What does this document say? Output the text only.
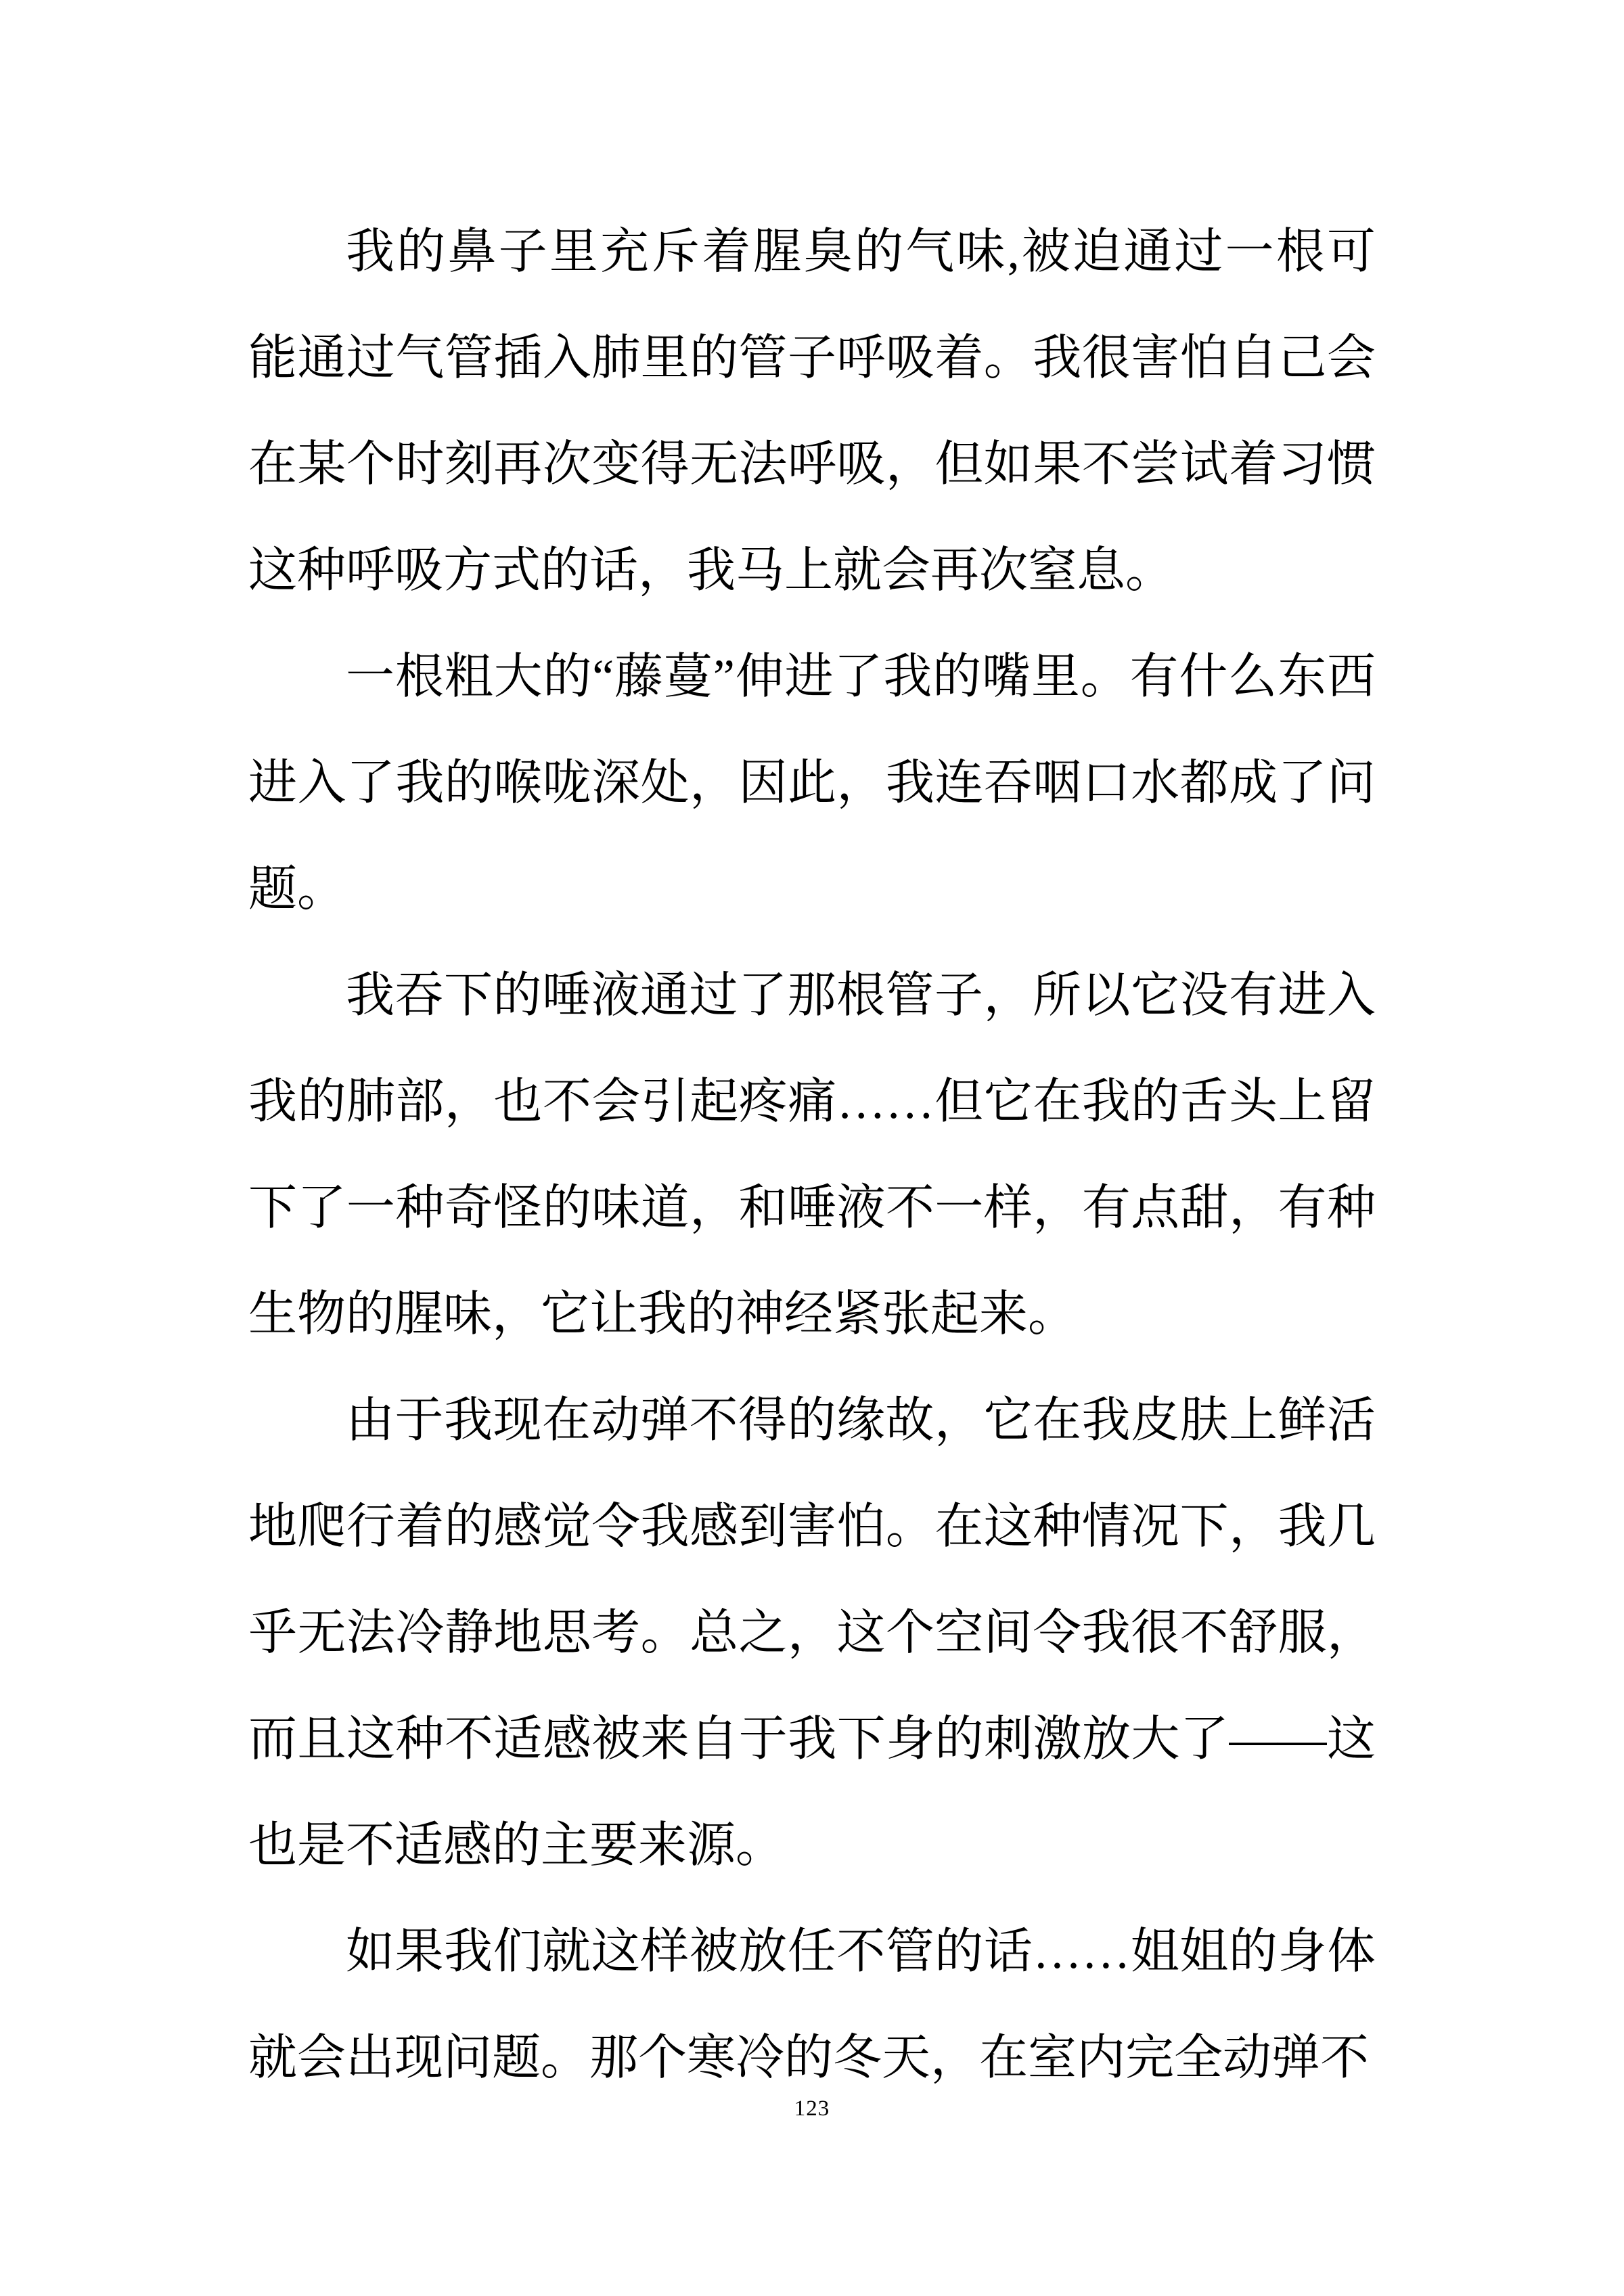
我的鼻子里充斥着腥臭的气味,被迫通过一根可能通过气管插入肺里的管子呼吸着。我很害怕自己会在某个时刻再次变得无法呼吸，但如果不尝试着习惯这种呼吸方式的话，我马上就会再次窒息。

一根粗大的“藤蔓”伸进了我的嘴里。有什么东西进入了我的喉咙深处，因此，我连吞咽口水都成了问题。

我吞下的唾液通过了那根管子，所以它没有进入我的肺部，也不会引起疼痛……但它在我的舌头上留下了一种奇怪的味道，和唾液不一样，有点甜，有种生物的腥味，它让我的神经紧张起来。

由于我现在动弹不得的缘故，它在我皮肤上鲜活地爬行着的感觉令我感到害怕。在这种情况下，我几乎无法冷静地思考。总之，这个空间令我很不舒服，而且这种不适感被来自于我下身的刺激放大了——这也是不适感的主要来源。

如果我们就这样被放任不管的话……姐姐的身体就会出现问题。那个寒冷的冬天，在室内完全动弹不

123
